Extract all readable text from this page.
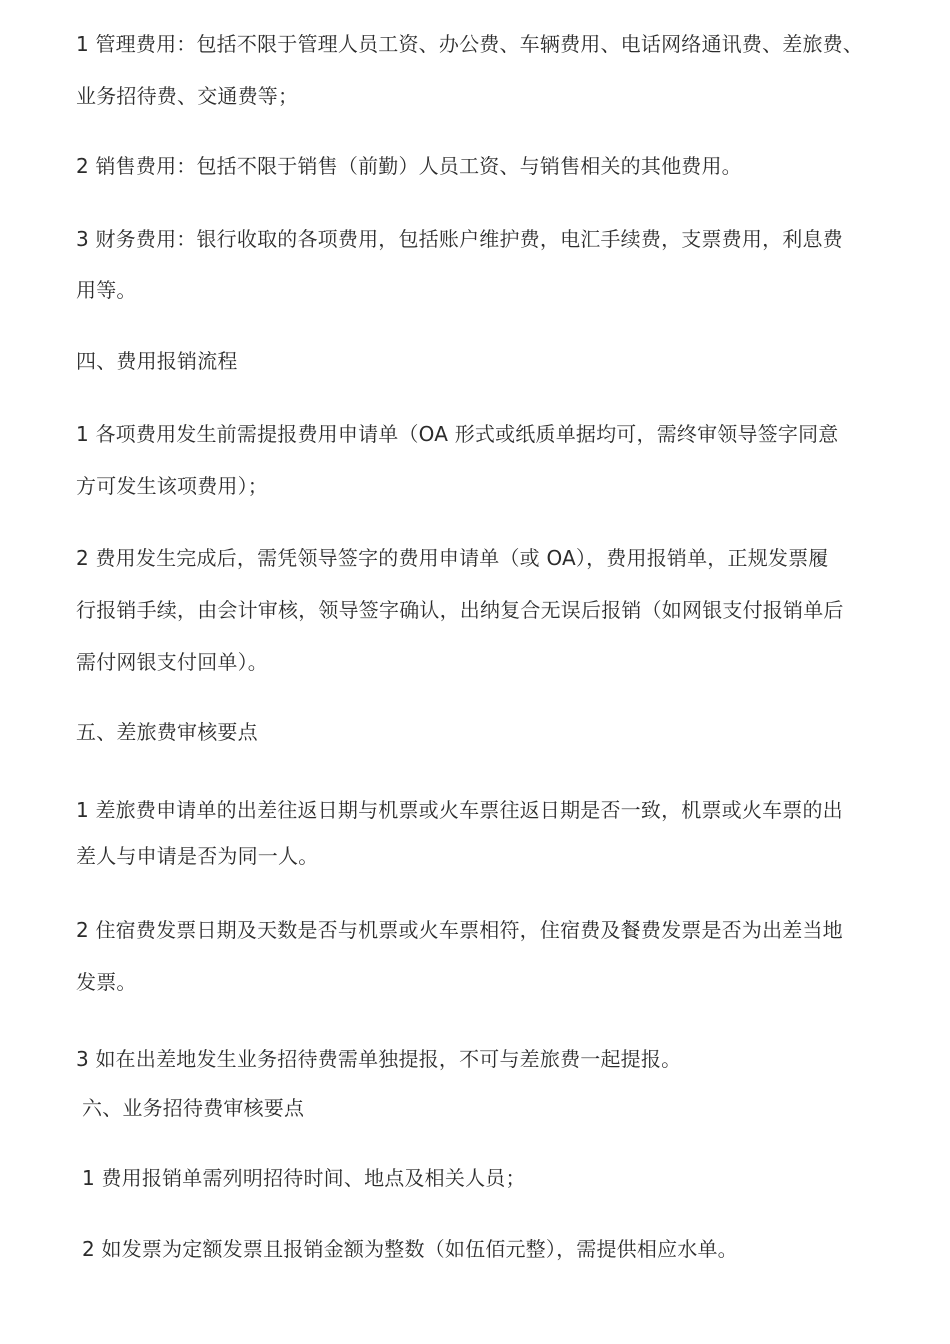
1 管理费用：包括不限于管理人员工资、办公费、车辆费用、电话网络通讯费、差旅费、
业务招待费、交通费等；
2 销售费用：包括不限于销售（前勤）人员工资、与销售相关的其他费用。
3 财务费用：银行收取的各项费用，包括账户维护费，电汇手续费，支票费用，利息费
用等。
四、费用报销流程
1 各项费用发生前需提报费用申请单（OA 形式或纸质单据均可，需终审领导签字同意
方可发生该项费用）；
2 费用发生完成后，需凭领导签字的费用申请单（或 OA），费用报销单，正规发票履
行报销手续，由会计审核，领导签字确认，出纳复合无误后报销（如网银支付报销单后
需付网银支付回单）。
五、差旅费审核要点
1 差旅费申请单的出差往返日期与机票或火车票往返日期是否一致，机票或火车票的出
差人与申请是否为同一人。
2 住宿费发票日期及天数是否与机票或火车票相符，住宿费及餐费发票是否为出差当地
发票。
3 如在出差地发生业务招待费需单独提报，不可与差旅费一起提报。
六、业务招待费审核要点
1 费用报销单需列明招待时间、地点及相关人员；
2 如发票为定额发票且报销金额为整数（如伍佰元整），需提供相应水单。
